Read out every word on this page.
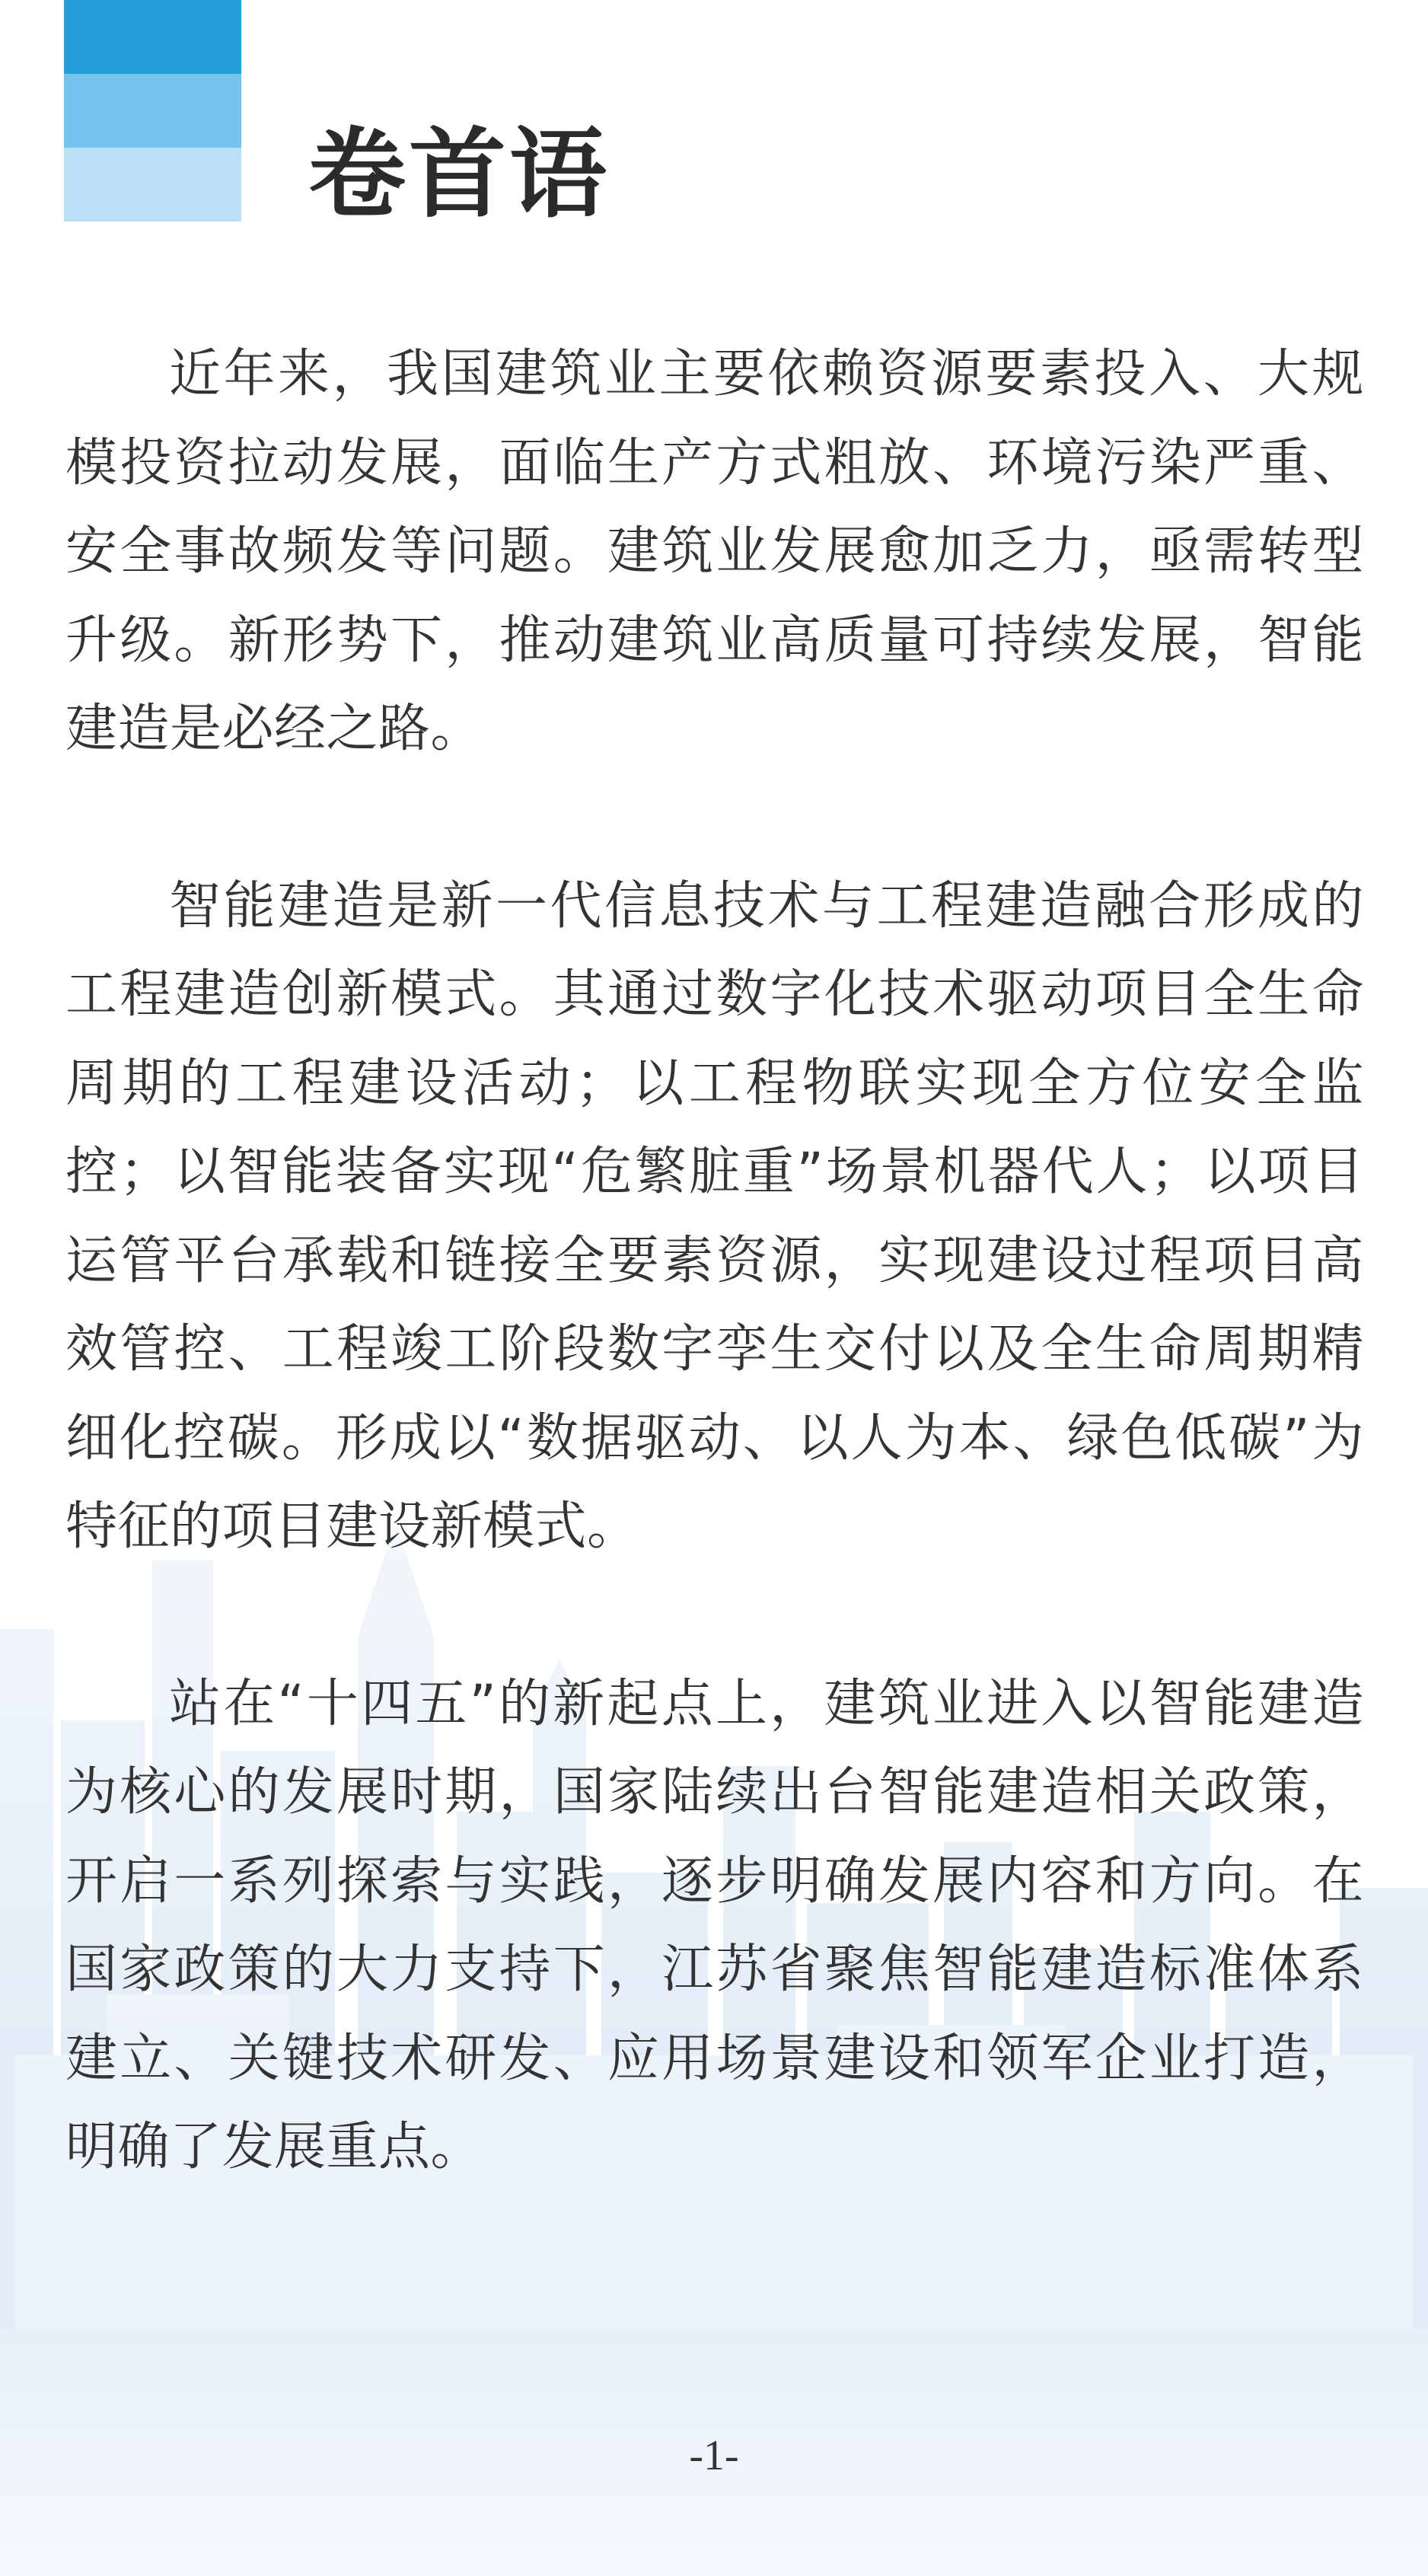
卷首语

近年来，我国建筑业主要依赖资源要素投入、大规模投资拉动发展，面临生产方式粗放、环境污染严重、安全事故频发等问题。建筑业发展愈加乏力，亟需转型升级。新形势下，推动建筑业高质量可持续发展，智能建造是必经之路。

智能建造是新一代信息技术与工程建造融合形成的工程建造创新模式。其通过数字化技术驱动项目全生命周期的工程建设活动；以工程物联实现全方位安全监控；以智能装备实现“危繁脏重”场景机器代人；以项目运管平台承载和链接全要素资源，实现建设过程项目高效管控、工程竣工阶段数字孪生交付以及全生命周期精细化控碳。形成以“数据驱动、以人为本、绿色低碳”为特征的项目建设新模式。

站在“十四五”的新起点上，建筑业进入以智能建造为核心的发展时期，国家陆续出台智能建造相关政策，开启一系列探索与实践，逐步明确发展内容和方向。在国家政策的大力支持下，江苏省聚焦智能建造标准体系建立、关键技术研发、应用场景建设和领军企业打造，明确了发展重点。

-1-
